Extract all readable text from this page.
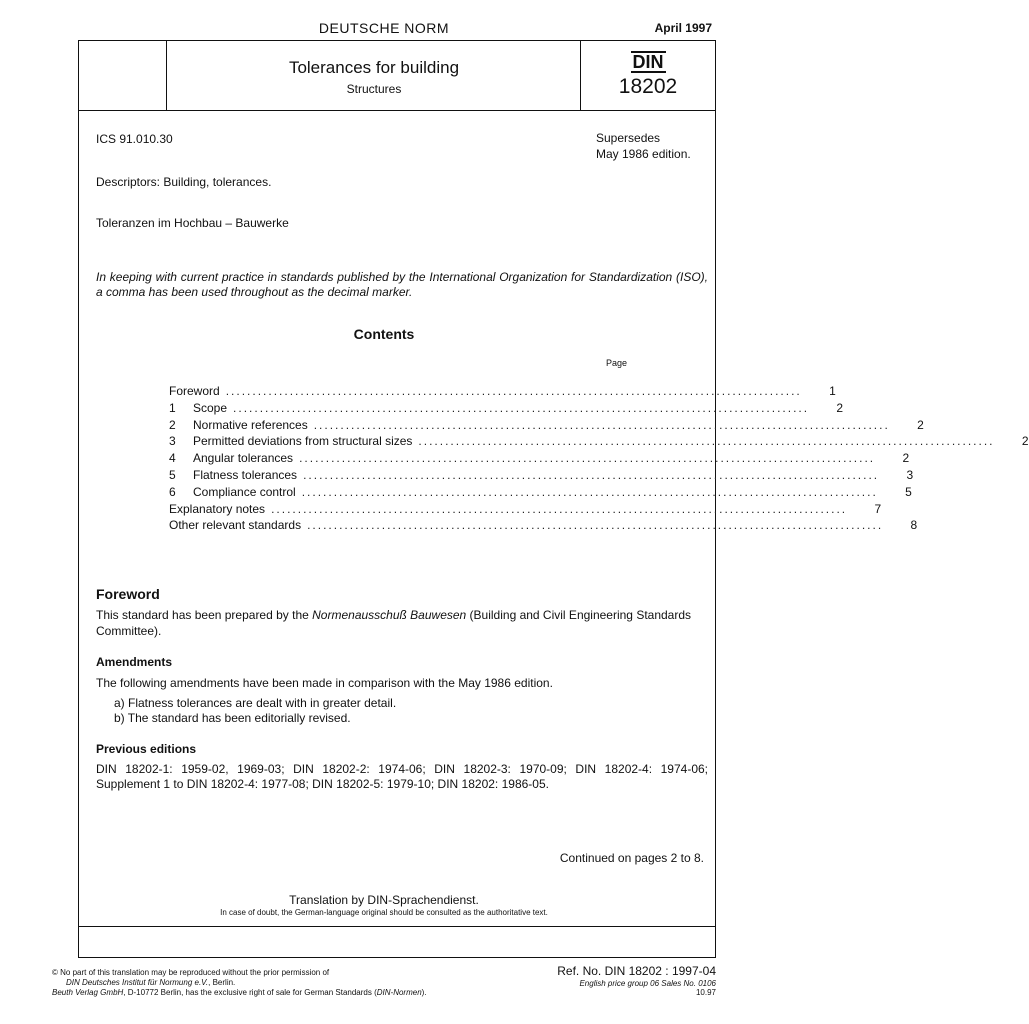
DEUTSCHE NORM	April 1997
Tolerances for building
Structures
DIN
18202
ICS 91.010.30	Supersedes
May 1986 edition.
Descriptors: Building, tolerances.
Toleranzen im Hochbau – Bauwerke
In keeping with current practice in standards published by the International Organization for Standardization (ISO), a comma has been used throughout as the decimal marker.
Contents
Page
Foreword ............................................................................................................	1
1	Scope ............................................................................................................	2
2	Normative references ............................................................................................................	2
3	Permitted deviations from structural sizes ............................................................................................................	2
4	Angular tolerances ............................................................................................................	2
5	Flatness tolerances ............................................................................................................	3
6	Compliance control ............................................................................................................	5
Explanatory notes ............................................................................................................	7
Other relevant standards ............................................................................................................	8
Foreword
This standard has been prepared by the Normenausschuß Bauwesen (Building and Civil Engineering Standards Committee).
Amendments
The following amendments have been made in comparison with the May 1986 edition.
a) Flatness tolerances are dealt with in greater detail.
b) The standard has been editorially revised.
Previous editions
DIN 18202-1: 1959-02, 1969-03; DIN 18202-2: 1974-06; DIN 18202-3: 1970-09; DIN 18202-4: 1974-06; Supplement 1 to DIN 18202-4: 1977-08; DIN 18202-5: 1979-10; DIN 18202: 1986-05.
Continued on pages 2 to 8.
Translation by DIN-Sprachendienst.
In case of doubt, the German-language original should be consulted as the authoritative text.
© No part of this translation may be reproduced without the prior permission of
DIN Deutsches Institut für Normung e.V., Berlin.
Beuth Verlag GmbH, D-10772 Berlin, has the exclusive right of sale for German Standards (DIN-Normen).
Ref. No. DIN 18202 : 1997-04
English price group 06 Sales No. 0106
10.97
